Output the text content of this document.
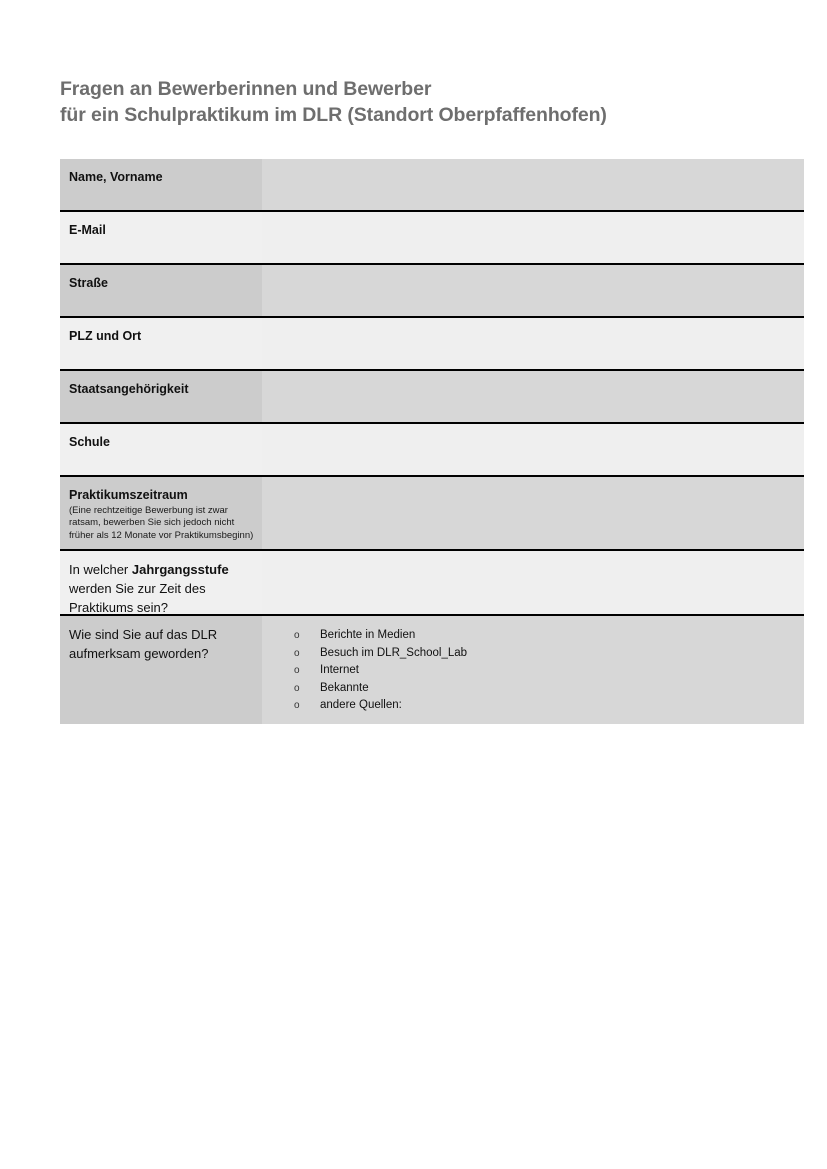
Fragen an Bewerberinnen und Bewerber
für ein Schulpraktikum im DLR (Standort Oberpfaffenhofen)
Name, Vorname	

E-Mail	

Straße	

PLZ und Ort	

Staatsangehörigkeit	

Schule	

Praktikumszeitraum
(Eine rechtzeitige Bewerbung ist zwar ratsam, bewerben Sie sich jedoch nicht früher als 12 Monate vor Praktikumsbeginn)	

In welcher Jahrgangsstufe werden Sie zur Zeit des Praktikums sein?	

Wie sind Sie auf das DLR aufmerksam geworden?

o	Berichte in Medien
o	Besuch im DLR_School_Lab
o	Internet
o	Bekannte
o	andere Quellen:
